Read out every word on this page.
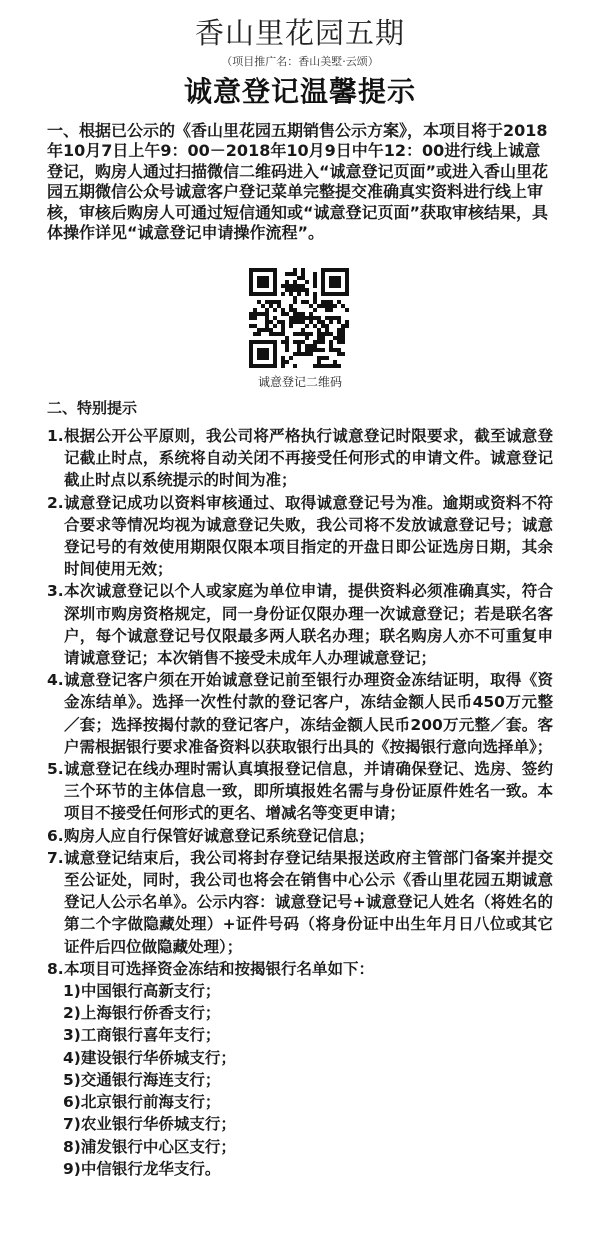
香山里花园五期
（项目推广名：香山美墅·云颂）
诚意登记温馨提示
一、根据已公示的《香山里花园五期销售公示方案》，本项目将于2018年10月7日上午9：00－2018年10月9日中午12：00进行线上诚意登记，购房人通过扫描微信二维码进入“诚意登记页面”或进入香山里花园五期微信公众号诚意客户登记菜单完整提交准确真实资料进行线上审核，审核后购房人可通过短信通知或“诚意登记页面”获取审核结果，具体操作详见“诚意登记申请操作流程”。
诚意登记二维码
二、特别提示
1. 根据公开公平原则，我公司将严格执行诚意登记时限要求，截至诚意登记截止时点，系统将自动关闭不再接受任何形式的申请文件。诚意登记截止时点以系统提示的时间为准；
2. 诚意登记成功以资料审核通过、取得诚意登记号为准。逾期或资料不符合要求等情况均视为诚意登记失败，我公司将不发放诚意登记号；诚意登记号的有效使用期限仅限本项目指定的开盘日即公证选房日期，其余时间使用无效；
3. 本次诚意登记以个人或家庭为单位申请，提供资料必须准确真实，符合深圳市购房资格规定，同一身份证仅限办理一次诚意登记；若是联名客户，每个诚意登记号仅限最多两人联名办理；联名购房人亦不可重复申请诚意登记；本次销售不接受未成年人办理诚意登记；
4. 诚意登记客户须在开始诚意登记前至银行办理资金冻结证明，取得《资金冻结单》。选择一次性付款的登记客户，冻结金额人民币450万元整／套；选择按揭付款的登记客户，冻结金额人民币200万元整／套。客户需根据银行要求准备资料以获取银行出具的《按揭银行意向选择单》；
5. 诚意登记在线办理时需认真填报登记信息，并请确保登记、选房、签约三个环节的主体信息一致，即所填报姓名需与身份证原件姓名一致。本项目不接受任何形式的更名、增减名等变更申请；
6. 购房人应自行保管好诚意登记系统登记信息；
7. 诚意登记结束后，我公司将封存登记结果报送政府主管部门备案并提交至公证处，同时，我公司也将会在销售中心公示《香山里花园五期诚意登记人公示名单》。公示内容：诚意登记号+诚意登记人姓名（将姓名的第二个字做隐藏处理）+证件号码（将身份证中出生年月日八位或其它证件后四位做隐藏处理）；
8. 本项目可选择资金冻结和按揭银行名单如下：
1) 中国银行高新支行；
2) 上海银行侨香支行；
3) 工商银行喜年支行；
4) 建设银行华侨城支行；
5) 交通银行海连支行；
6) 北京银行前海支行；
7) 农业银行华侨城支行；
8) 浦发银行中心区支行；
9) 中信银行龙华支行。
